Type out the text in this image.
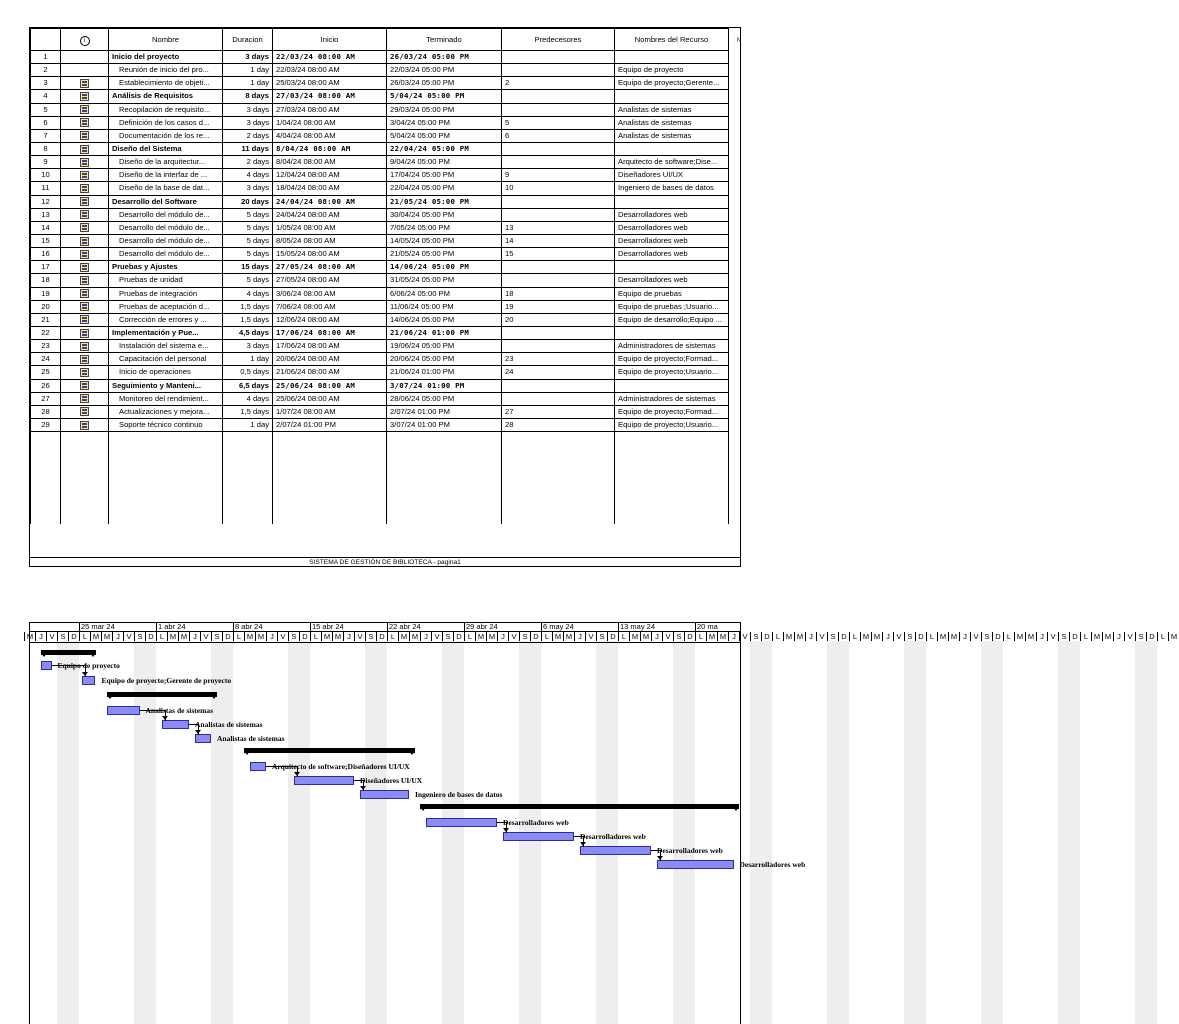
	i	Nombre	Duracion	Inicio	Terminado	Predecesores	Nombres del Recurso
1		Inicio del proyecto	3 days	22/03/24 08:00 AM	26/03/24 05:00 PM		
2		Reunión de inicio del pro...	1 day	22/03/24 08:00 AM	22/03/24 05:00 PM		Equipo de proyecto
3		Establecimiento de objeti...	1 day	25/03/24 08:00 AM	26/03/24 05:00 PM	2	Equipo de proyecto;Gerente...
4		Análisis de Requisitos	8 days	27/03/24 08:00 AM	5/04/24 05:00 PM		
5		Recopilación de requisito...	3 days	27/03/24 08:00 AM	29/03/24 05:00 PM		Analistas de sistemas
6		Definición de los casos d...	3 days	1/04/24 08:00 AM	3/04/24 05:00 PM	5	Analistas de sistemas
7		Documentación de los re...	2 days	4/04/24 08:00 AM	5/04/24 05:00 PM	6	Analistas de sistemas
8		Diseño del Sistema	11 days	8/04/24 08:00 AM	22/04/24 05:00 PM		
9		Diseño de la arquitectur...	2 days	8/04/24 08:00 AM	9/04/24 05:00 PM		Arquitecto de software;Dise...
10		Diseño de la interfaz de ...	4 days	12/04/24 08:00 AM	17/04/24 05:00 PM	9	Diseñadores UI/UX
11		Diseño de la base de dat...	3 days	18/04/24 08:00 AM	22/04/24 05:00 PM	10	Ingeniero de bases de datos
12		Desarrollo del Software	20 days	24/04/24 08:00 AM	21/05/24 05:00 PM		
13		Desarrollo del módulo de...	5 days	24/04/24 08:00 AM	30/04/24 05:00 PM		Desarrolladores web
14		Desarrollo del módulo de...	5 days	1/05/24 08:00 AM	7/05/24 05:00 PM	13	Desarrolladores web
15		Desarrollo del módulo de...	5 days	8/05/24 08:00 AM	14/05/24 05:00 PM	14	Desarrolladores web
16		Desarrollo del módulo de...	5 days	15/05/24 08:00 AM	21/05/24 05:00 PM	15	Desarrolladores web
17		Pruebas y Ajustes	15 days	27/05/24 08:00 AM	14/06/24 05:00 PM		
18		Pruebas de unidad	5 days	27/05/24 08:00 AM	31/05/24 05:00 PM		Desarrolladores web
19		Pruebas de integración	4 days	3/06/24 08:00 AM	6/06/24 05:00 PM	18	Equipo de pruebas
20		Pruebas de aceptación d...	1,5 days	7/06/24 08:00 AM	11/06/24 05:00 PM	19	Equipo de pruebas ;Usuario...
21		Corrección de errores y ...	1,5 days	12/06/24 08:00 AM	14/06/24 05:00 PM	20	Equipo de desarrollo;Equipo ...
22		Implementación y Pue...	4,5 days	17/06/24 08:00 AM	21/06/24 01:00 PM		
23		Instalación del sistema e...	3 days	17/06/24 08:00 AM	19/06/24 05:00 PM		Administradores de sistemas
24		Capacitación del personal	1 day	20/06/24 08:00 AM	20/06/24 05:00 PM	23	Equipo de proyecto;Formad...
25		Inicio de operaciones	0,5 days	21/06/24 08:00 AM	21/06/24 01:00 PM	24	Equipo de proyecto;Usuario...
26		Seguimiento y Manteni...	6,5 days	25/06/24 08:00 AM	3/07/24 01:00 PM		
27		Monitoreo del rendimient...	4 days	25/06/24 08:00 AM	28/06/24 05:00 PM		Administradores de sistemas
28		Actualizaciones y mejora...	1,5 days	1/07/24 08:00 AM	2/07/24 01:00 PM	27	Equipo de proyecto;Formad...
29		Soporte técnico continuo	1 day	2/07/24 01:00 PM	3/07/24 01:00 PM	28	Equipo de proyecto;Usuario...

N
SISTEMA DE GESTIÓN DE BIBLIOTECA - pagina1
25 mar 24	1 abr 24	8 abr 24	15 abr 24	22 abr 24	29 abr 24	6 may 24	13 may 24	20 ma
M J V S D L M M J V S D L M M J V S D L M M J V S D L M M J V S D L M M J V S D L M M J V S D L M M J V S D L M M J V S D L M M J V S D L M M J V S D L M M J V S D L M M J V S D L M M J V S D L M M J V S D L M
Equipo de proyecto
Equipo de proyecto;Gerente de proyecto
Analistas de sistemas
Analistas de sistemas
Analistas de sistemas
Arquitecto de software;Diseñadores UI/UX
Diseñadores UI/UX
Ingeniero de bases de datos
Desarrolladores web
Desarrolladores web
Desarrolladores web
Desarrolladores web
